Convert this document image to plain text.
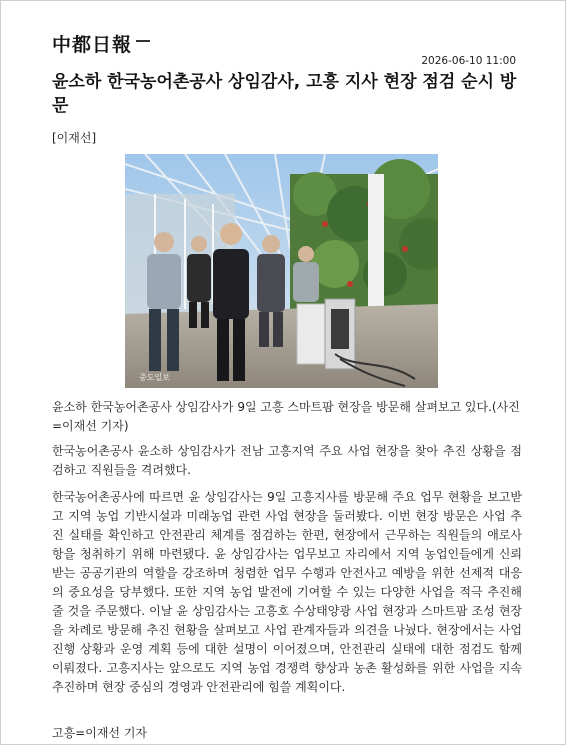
中都日報
2026-06-10 11:00
윤소하 한국농어촌공사 상임감사, 고흥 지사 현장 점검 순시 방문
[이재선]
중도일보

윤소하 한국농어촌공사 상임감사가 9일 고흥 스마트팜 현장을 방문해 살펴보고 있다.(사진=이재선 기자)

한국농어촌공사 윤소하 상임감사가 전남 고흥지역 주요 사업 현장을 찾아 추진 상황을 점검하고 직원들을 격려했다.

한국농어촌공사에 따르면 윤 상임감사는 9일 고흥지사를 방문해 주요 업무 현황을 보고받고 지역 농업 기반시설과 미래농업 관련 사업 현장을 둘러봤다. 이번 현장 방문은 사업 추진 실태를 확인하고 안전관리 체계를 점검하는 한편, 현장에서 근무하는 직원들의 애로사항을 청취하기 위해 마련됐다. 윤 상임감사는 업무보고 자리에서 지역 농업인들에게 신뢰받는 공공기관의 역할을 강조하며 청렴한 업무 수행과 안전사고 예방을 위한 선제적 대응의 중요성을 당부했다. 또한 지역 농업 발전에 기여할 수 있는 다양한 사업을 적극 추진해 줄 것을 주문했다. 이날 윤 상임감사는 고흥호 수상태양광 사업 현장과 스마트팜 조성 현장을 차례로 방문해 추진 현황을 살펴보고 사업 관계자들과 의견을 나눴다. 현장에서는 사업 진행 상황과 운영 계획 등에 대한 설명이 이어졌으며, 안전관리 실태에 대한 점검도 함께 이뤄졌다. 고흥지사는 앞으로도 지역 농업 경쟁력 향상과 농촌 활성화를 위한 사업을 지속 추진하며 현장 중심의 경영과 안전관리에 힘쓸 계획이다.

고흥=이재선 기자
